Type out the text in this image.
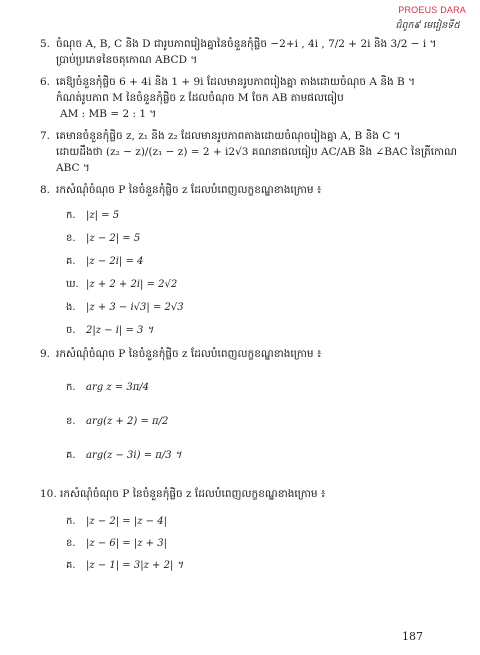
PROEUS DARA
ជំពូក៩ មេរៀនទី៥
5. ចំណុច A, B, C និង D ជារូបភាពរៀងគ្នានៃចំនួនកុំផ្លិច −2+i , 4i , 7/2 + 2i និង 3/2 − i ។

ប្រាប់ប្រភេទនៃចតុកោណ ABCD ។

6. គេឱ្យចំនួនកុំផ្លិច 6 + 4i និង 1 + 9i ដែលមានរូបភាពរៀងគ្នា តាងដោយចំណុច A និង B ។

កំណត់រូបភាព M នៃចំនួនកុំផ្លិច z ដែលចំណុច M ចែក AB តាមផលធៀប

AM : MB = 2 : 1 ។

7. គេមានចំនួនកុំផ្លិច z, z₁ និង z₂ ដែលមានរូបភាពតាងដោយចំណុចរៀងគ្នា A, B និង C ។

ដោយដឹងថា (z₂ − z)/(z₁ − z) = 2 + i2√3 គណនាផលធៀប AC/AB និង ∠BAC នៃត្រីកោណ ABC ។

8. រកសំណុំចំណុច P នៃចំនួនកុំផ្លិច z ដែលបំពេញលក្ខខណ្ឌខាងក្រោម ៖

ក.	|z| = 5
ខ.	|z − 2| = 5
គ.	|z − 2i| = 4
ឃ. |z + 2 + 2i| = 2√2
ង.	|z + 3 − i√3| = 2√3
ច.	2|z − i| = 3 ។
9. រកសំណុំចំណុច P នៃចំនួនកុំផ្លិច z ដែលបំពេញលក្ខខណ្ឌខាងក្រោម ៖

ក.	arg z = 3π/4
ខ.	arg(z + 2) = π/2
គ.	arg(z − 3i) = π/3 ។
10. រកសំណុំចំណុច P នៃចំនួនកុំផ្លិច z ដែលបំពេញលក្ខខណ្ឌខាងក្រោម ៖

ក.	|z − 2| = |z − 4|
ខ.	|z − 6| = |z + 3|
គ.	|z − 1| = 3|z + 2| ។
187
